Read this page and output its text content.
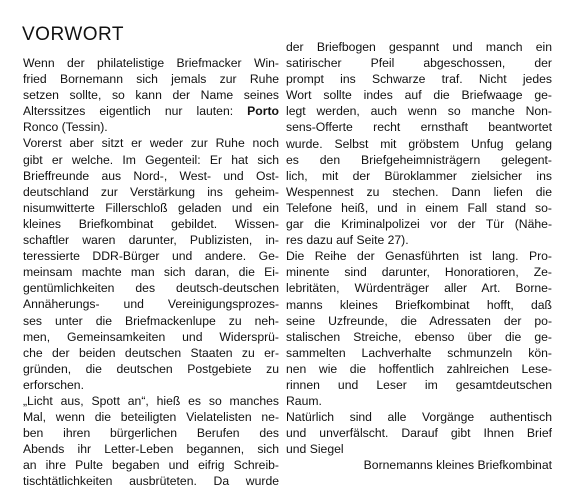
VORWORT
Wenn der philatelistige Briefmacker Win-
fried Bornemann sich jemals zur Ruhe
setzen sollte, so kann der Name seines
Alterssitzes eigentlich nur lauten: Porto
Ronco (Tessin).
Vorerst aber sitzt er weder zur Ruhe noch
gibt er welche. Im Gegenteil: Er hat sich
Brieffreunde aus Nord-, West- und Ost-
deutschland zur Verstärkung ins geheim-
nisumwitterte Fillerschloß geladen und ein
kleines Briefkombinat gebildet. Wissen-
schaftler waren darunter, Publizisten, in-
teressierte DDR-Bürger und andere. Ge-
meinsam machte man sich daran, die Ei-
gentümlichkeiten des deutsch-deutschen
Annäherungs- und Vereinigungsprozes-
ses unter die Briefmackenlupe zu neh-
men, Gemeinsamkeiten und Widersprü-
che der beiden deutschen Staaten zu er-
gründen, die deutschen Postgebiete zu
erforschen.
„Licht aus, Spott an“, hieß es so manches
Mal, wenn die beteiligten Vielatelisten ne-
ben ihren bürgerlichen Berufen des
Abends ihr Letter-Leben begannen, sich
an ihre Pulte begaben und eifrig Schreib-
tischtätlichkeiten ausbrüteten. Da wurde
der Briefbogen gespannt und manch ein
satirischer Pfeil abgeschossen, der
prompt ins Schwarze traf. Nicht jedes
Wort sollte indes auf die Briefwaage ge-
legt werden, auch wenn so manche Non-
sens-Offerte recht ernsthaft beantwortet
wurde. Selbst mit gröbstem Unfug gelang
es den Briefgeheimnisträgern gelegent-
lich, mit der Büroklammer zielsicher ins
Wespennest zu stechen. Dann liefen die
Telefone heiß, und in einem Fall stand so-
gar die Kriminalpolizei vor der Tür (Nähe-
res dazu auf Seite 27).
Die Reihe der Genasführten ist lang. Pro-
minente sind darunter, Honoratioren, Ze-
lebritäten, Würdenträger aller Art. Borne-
manns kleines Briefkombinat hofft, daß
seine Uzfreunde, die Adressaten der po-
stalischen Streiche, ebenso über die ge-
sammelten Lachverhalte schmunzeln kön-
nen wie die hoffentlich zahlreichen Lese-
rinnen und Leser im gesamtdeutschen
Raum.
Natürlich sind alle Vorgänge authentisch
und unverfälscht. Darauf gibt Ihnen Brief
und Siegel
Bornemanns kleines Briefkombinat
